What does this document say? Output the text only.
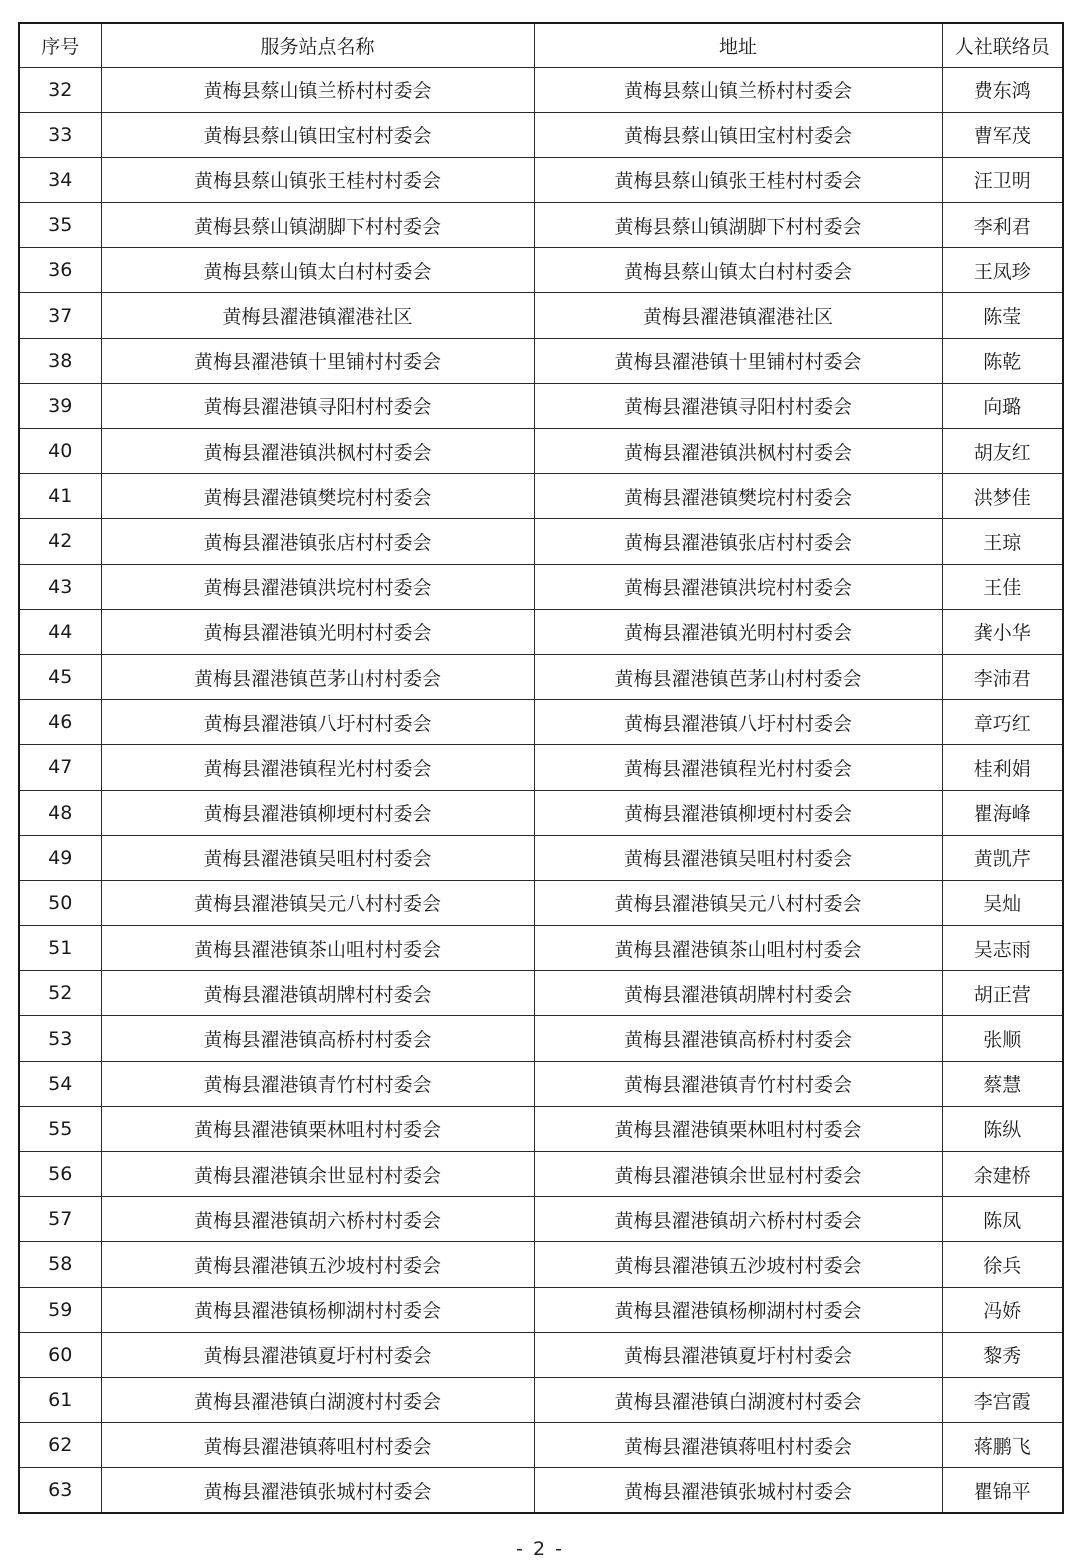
序号	服务站点名称	地址	人社联络员
32	黄梅县蔡山镇兰桥村村委会	黄梅县蔡山镇兰桥村村委会	费东鸿
33	黄梅县蔡山镇田宝村村委会	黄梅县蔡山镇田宝村村委会	曹军茂
34	黄梅县蔡山镇张王桂村村委会	黄梅县蔡山镇张王桂村村委会	汪卫明
35	黄梅县蔡山镇湖脚下村村委会	黄梅县蔡山镇湖脚下村村委会	李利君
36	黄梅县蔡山镇太白村村委会	黄梅县蔡山镇太白村村委会	王凤珍
37	黄梅县濯港镇濯港社区	黄梅县濯港镇濯港社区	陈莹
38	黄梅县濯港镇十里铺村村委会	黄梅县濯港镇十里铺村村委会	陈乾
39	黄梅县濯港镇寻阳村村委会	黄梅县濯港镇寻阳村村委会	向璐
40	黄梅县濯港镇洪枫村村委会	黄梅县濯港镇洪枫村村委会	胡友红
41	黄梅县濯港镇樊垸村村委会	黄梅县濯港镇樊垸村村委会	洪梦佳
42	黄梅县濯港镇张店村村委会	黄梅县濯港镇张店村村委会	王琼
43	黄梅县濯港镇洪垸村村委会	黄梅县濯港镇洪垸村村委会	王佳
44	黄梅县濯港镇光明村村委会	黄梅县濯港镇光明村村委会	龚小华
45	黄梅县濯港镇芭茅山村村委会	黄梅县濯港镇芭茅山村村委会	李沛君
46	黄梅县濯港镇八圩村村委会	黄梅县濯港镇八圩村村委会	章巧红
47	黄梅县濯港镇程光村村委会	黄梅县濯港镇程光村村委会	桂利娟
48	黄梅县濯港镇柳埂村村委会	黄梅县濯港镇柳埂村村委会	瞿海峰
49	黄梅县濯港镇吴咀村村委会	黄梅县濯港镇吴咀村村委会	黄凯芹
50	黄梅县濯港镇吴元八村村委会	黄梅县濯港镇吴元八村村委会	吴灿
51	黄梅县濯港镇茶山咀村村委会	黄梅县濯港镇茶山咀村村委会	吴志雨
52	黄梅县濯港镇胡牌村村委会	黄梅县濯港镇胡牌村村委会	胡正营
53	黄梅县濯港镇高桥村村委会	黄梅县濯港镇高桥村村委会	张顺
54	黄梅县濯港镇青竹村村委会	黄梅县濯港镇青竹村村委会	蔡慧
55	黄梅县濯港镇栗林咀村村委会	黄梅县濯港镇栗林咀村村委会	陈纵
56	黄梅县濯港镇余世显村村委会	黄梅县濯港镇余世显村村委会	余建桥
57	黄梅县濯港镇胡六桥村村委会	黄梅县濯港镇胡六桥村村委会	陈凤
58	黄梅县濯港镇五沙坡村村委会	黄梅县濯港镇五沙坡村村委会	徐兵
59	黄梅县濯港镇杨柳湖村村委会	黄梅县濯港镇杨柳湖村村委会	冯娇
60	黄梅县濯港镇夏圩村村委会	黄梅县濯港镇夏圩村村委会	黎秀
61	黄梅县濯港镇白湖渡村村委会	黄梅县濯港镇白湖渡村村委会	李宫霞
62	黄梅县濯港镇蒋咀村村委会	黄梅县濯港镇蒋咀村村委会	蒋鹏飞
63	黄梅县濯港镇张城村村委会	黄梅县濯港镇张城村村委会	瞿锦平
- 2 -
